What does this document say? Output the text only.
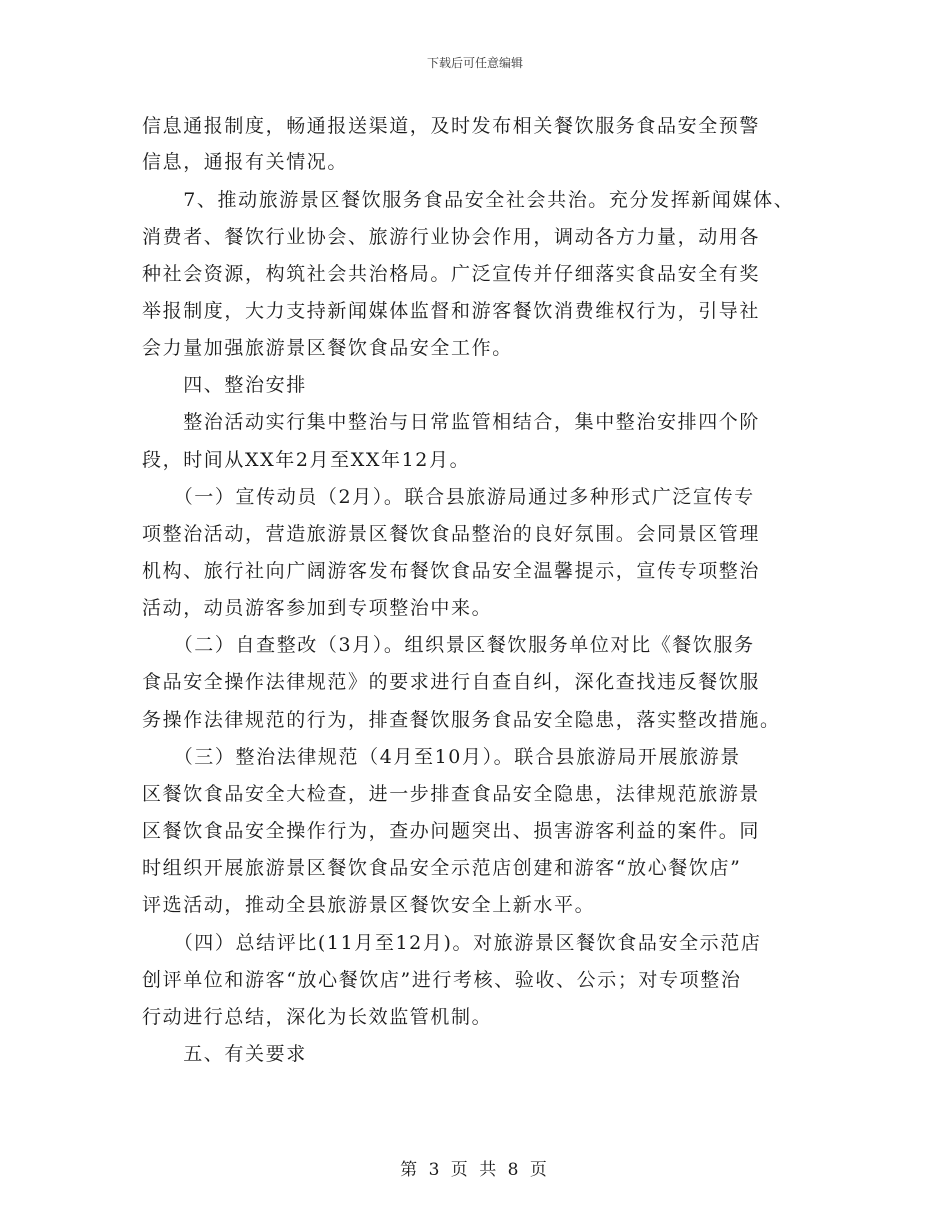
下载后可任意编辑
信息通报制度，畅通报送渠道，及时发布相关餐饮服务食品安全预警
信息，通报有关情况。
　　7、推动旅游景区餐饮服务食品安全社会共治。充分发挥新闻媒体、
消费者、餐饮行业协会、旅游行业协会作用，调动各方力量，动用各
种社会资源，构筑社会共治格局。广泛宣传并仔细落实食品安全有奖
举报制度，大力支持新闻媒体监督和游客餐饮消费维权行为，引导社
会力量加强旅游景区餐饮食品安全工作。
　　四、整治安排
　　整治活动实行集中整治与日常监管相结合，集中整治安排四个阶
段，时间从XX年2月至XX年12月。
　　（一）宣传动员（2月）。联合县旅游局通过多种形式广泛宣传专
项整治活动，营造旅游景区餐饮食品整治的良好氛围。会同景区管理
机构、旅行社向广阔游客发布餐饮食品安全温馨提示，宣传专项整治
活动，动员游客参加到专项整治中来。
　　（二）自查整改（3月）。组织景区餐饮服务单位对比《餐饮服务
食品安全操作法律规范》的要求进行自查自纠，深化查找违反餐饮服
务操作法律规范的行为，排查餐饮服务食品安全隐患，落实整改措施。
　　（三）整治法律规范（4月至10月）。联合县旅游局开展旅游景
区餐饮食品安全大检查，进一步排查食品安全隐患，法律规范旅游景
区餐饮食品安全操作行为，查办问题突出、损害游客利益的案件。同
时组织开展旅游景区餐饮食品安全示范店创建和游客“放心餐饮店”
评选活动，推动全县旅游景区餐饮安全上新水平。
　　（四）总结评比(11月至12月)。对旅游景区餐饮食品安全示范店
创评单位和游客“放心餐饮店”进行考核、验收、公示；对专项整治
行动进行总结，深化为长效监管机制。
　　五、有关要求
第 3 页 共 8 页
